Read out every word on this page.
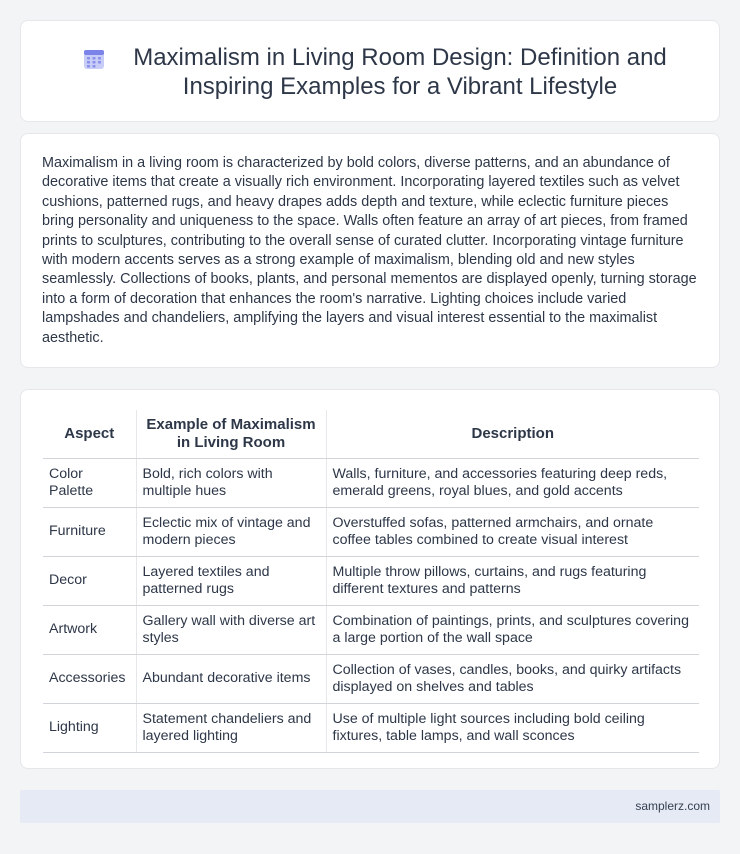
Maximalism in Living Room Design: Definition and Inspiring Examples for a Vibrant Lifestyle

Maximalism in a living room is characterized by bold colors, diverse patterns, and an abundance of decorative items that create a visually rich environment. Incorporating layered textiles such as velvet cushions, patterned rugs, and heavy drapes adds depth and texture, while eclectic furniture pieces bring personality and uniqueness to the space. Walls often feature an array of art pieces, from framed prints to sculptures, contributing to the overall sense of curated clutter. Incorporating vintage furniture with modern accents serves as a strong example of maximalism, blending old and new styles seamlessly. Collections of books, plants, and personal mementos are displayed openly, turning storage into a form of decoration that enhances the room's narrative. Lighting choices include varied lampshades and chandeliers, amplifying the layers and visual interest essential to the maximalist aesthetic.

Aspect	Example of Maximalism in Living Room	Description
Color Palette	Bold, rich colors with multiple hues	Walls, furniture, and accessories featuring deep reds, emerald greens, royal blues, and gold accents
Furniture	Eclectic mix of vintage and modern pieces	Overstuffed sofas, patterned armchairs, and ornate coffee tables combined to create visual interest
Decor	Layered textiles and patterned rugs	Multiple throw pillows, curtains, and rugs featuring different textures and patterns
Artwork	Gallery wall with diverse art styles	Combination of paintings, prints, and sculptures covering a large portion of the wall space
Accessories	Abundant decorative items	Collection of vases, candles, books, and quirky artifacts displayed on shelves and tables
Lighting	Statement chandeliers and layered lighting	Use of multiple light sources including bold ceiling fixtures, table lamps, and wall sconces
samplerz.com
